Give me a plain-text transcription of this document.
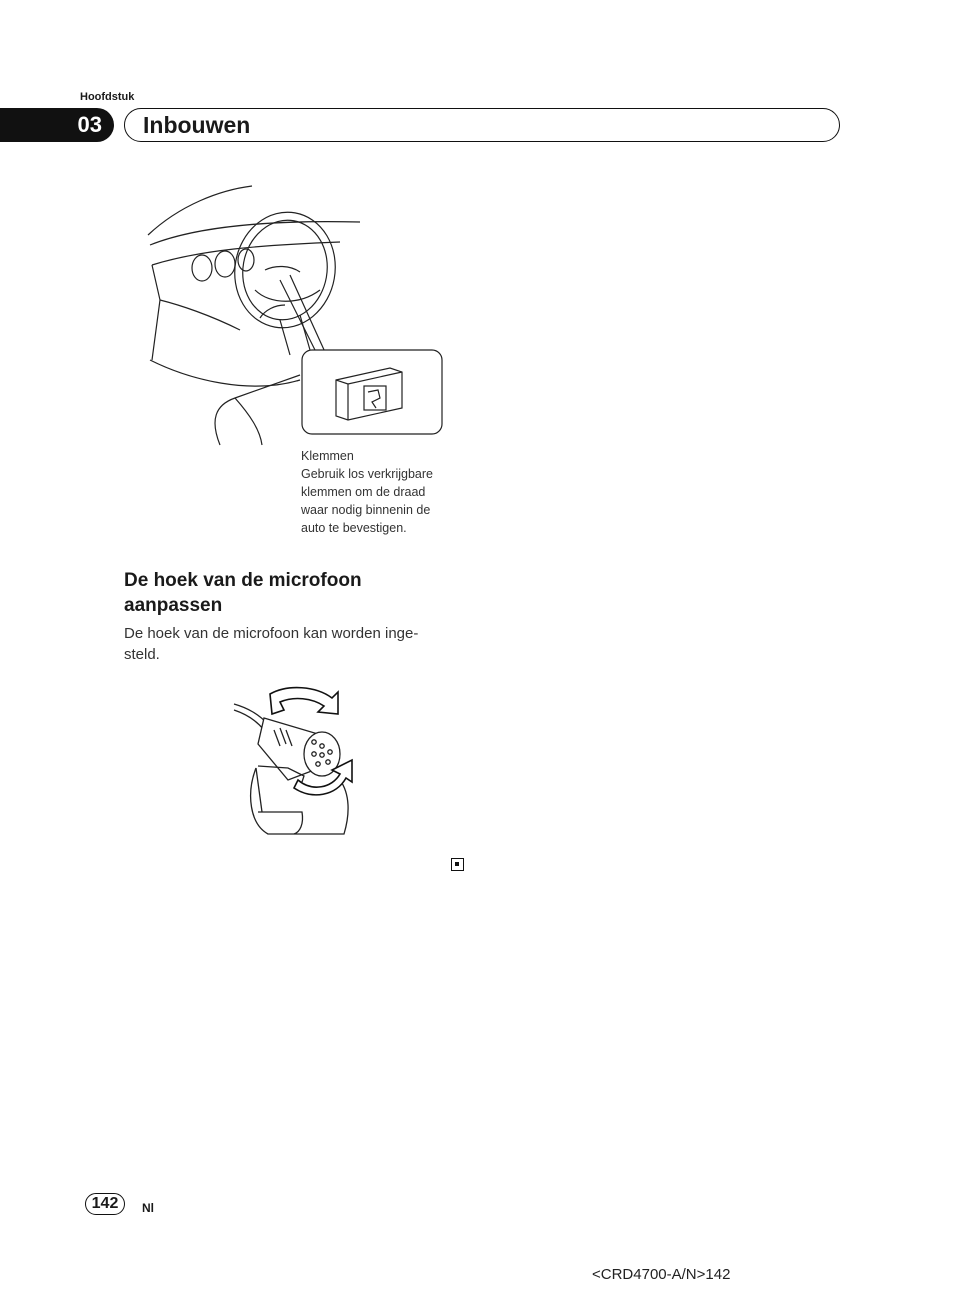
Hoofdstuk
03	Inbouwen
Klemmen
Gebruik los verkrijgbare
klemmen om de draad
waar nodig binnenin de
auto te bevestigen.
De hoek van de microfoon
aanpassen
De hoek van de microfoon kan worden inge-
steld.
142	Nl
<CRD4700-A/N>142
